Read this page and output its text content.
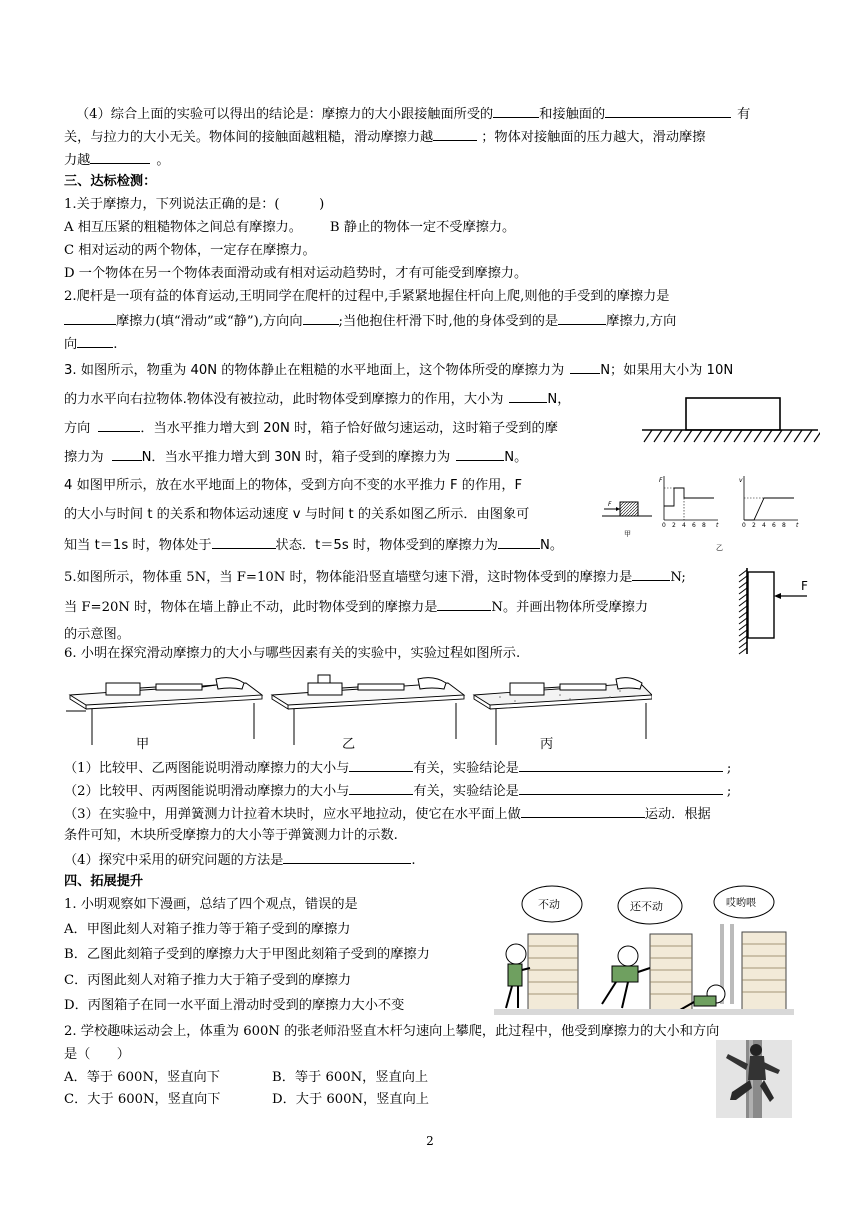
（4）综合上面的实验可以得出的结论是：摩擦力的大小跟接触面所受的	和接触面的	有
关，与拉力的大小无关。物体间的接触面越粗糙，滑动摩擦力越	；物体对接触面的压力越大，滑动摩擦
力越	。
三、达标检测：
1.关于摩擦力，下列说法正确的是：(　　　)
A 相互压紧的粗糙物体之间总有摩擦力。 B 静止的物体一定不受摩擦力。
C 相对运动的两个物体，一定存在摩擦力。
D 一个物体在另一个物体表面滑动或有相对运动趋势时，才有可能受到摩擦力。
2.爬杆是一项有益的体育运动,王明同学在爬杆的过程中,手紧紧地握住杆向上爬,则他的手受到的摩擦力是
摩擦力(填“滑动”或“静”),方向向	;当他抱住杆滑下时,他的身体受到的是	摩擦力,方向
向	.
3. 如图所示，物重为 40N 的物体静止在粗糙的水平地面上，这个物体所受的摩擦力为	N；如果用大小为 10N
的力水平向右拉物体.物体没有被拉动，此时物体受到摩擦力的作用，大小为	N，
方向	．当水平推力增大到 20N 时，箱子恰好做匀速运动，这时箱子受到的摩
擦力为	N．当水平推力增大到 30N 时，箱子受到的摩擦力为	N。
4 如图甲所示，放在水平地面上的物体，受到方向不变的水平推力 F 的作用，F
的大小与时间 t 的关系和物体运动速度 v 与时间 t 的关系如图乙所示．由图象可
知当 t＝1s 时，物体处于	状态．t＝5s 时，物体受到的摩擦力为	N。
F
甲
F
t
0 2 4 6 8
v
t
0 2 4 6 8
乙
5.如图所示，物体重 5N，当 F=10N 时，物体能沿竖直墙壁匀速下滑，这时物体受到的摩擦力是	N;
当 F=20N 时，物体在墙上静止不动，此时物体受到的摩擦力是	N。并画出物体所受摩擦力
的示意图。
F
6. 小明在探究滑动摩擦力的大小与哪些因素有关的实验中，实验过程如图所示.
甲	乙	丙
（1）比较甲、乙两图能说明滑动摩擦力的大小与	有关，实验结论是	;
（2）比较甲、丙两图能说明滑动摩擦力的大小与	有关，实验结论是	;
（3）在实验中，用弹簧测力计拉着木块时，应水平地拉动，使它在水平面上做	运动．根据
条件可知，木块所受摩擦力的大小等于弹簧测力计的示数.
（4）探究中采用的研究问题的方法是	.
四、拓展提升
1. 小明观察如下漫画，总结了四个观点，错误的是
A．甲图此刻人对箱子推力等于箱子受到的摩擦力
B．乙图此刻箱子受到的摩擦力大于甲图此刻箱子受到的摩擦力
C．丙图此刻人对箱子推力大于箱子受到的摩擦力
D．丙图箱子在同一水平面上滑动时受到的摩擦力大小不变
不动	还不动	哎哟喂
2. 学校趣味运动会上，体重为 600N 的张老师沿竖直木杆匀速向上攀爬，此过程中，他受到摩擦力的大小和方向
是（　　）
A．等于 600N，竖直向下	B．等于 600N，竖直向上
C．大于 600N，竖直向下	D．大于 600N，竖直向上
2
